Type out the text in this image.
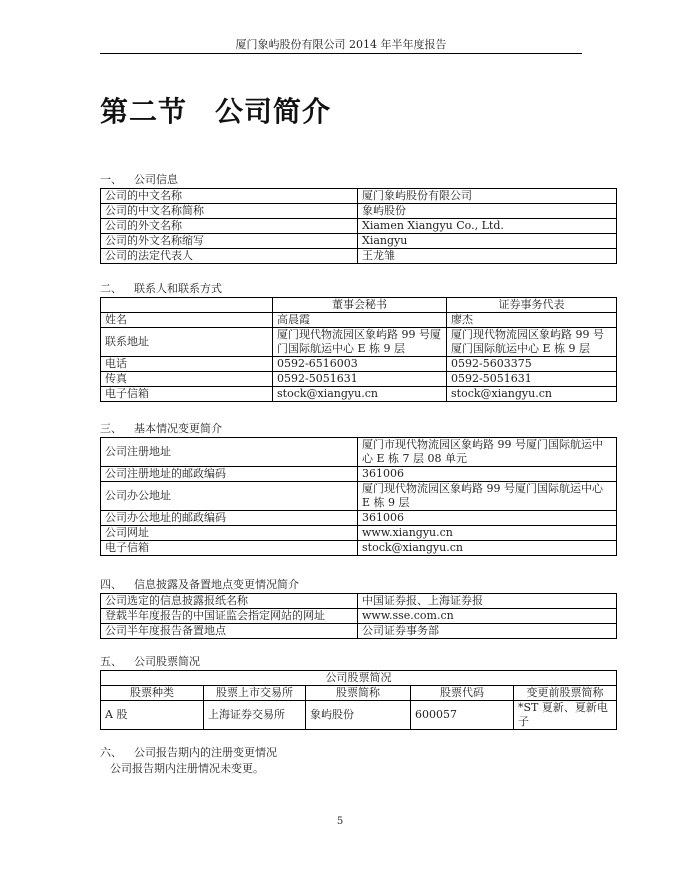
厦门象屿股份有限公司 2014 年半年度报告
第二节 公司简介
一、 公司信息
公司的中文名称	厦门象屿股份有限公司
公司的中文名称简称	象屿股份
公司的外文名称	Xiamen Xiangyu Co., Ltd.
公司的外文名称缩写	Xiangyu
公司的法定代表人	王龙雏
二、 联系人和联系方式
	董事会秘书	证券事务代表
姓名	高晨霞	廖杰
联系地址	厦门现代物流园区象屿路 99 号厦门国际航运中心 E 栋 9 层	厦门现代物流园区象屿路 99 号厦门国际航运中心 E 栋 9 层
电话	0592-6516003	0592-5603375
传真	0592-5051631	0592-5051631
电子信箱	stock@xiangyu.cn	stock@xiangyu.cn
三、 基本情况变更简介
公司注册地址	厦门市现代物流园区象屿路 99 号厦门国际航运中心 E 栋 7 层 08 单元
公司注册地址的邮政编码	361006
公司办公地址	厦门现代物流园区象屿路 99 号厦门国际航运中心 E 栋 9 层
公司办公地址的邮政编码	361006
公司网址	www.xiangyu.cn
电子信箱	stock@xiangyu.cn
四、 信息披露及备置地点变更情况简介
公司选定的信息披露报纸名称	中国证券报、上海证券报
登载半年度报告的中国证监会指定网站的网址	www.sse.com.cn
公司半年度报告备置地点	公司证券事务部
五、 公司股票简况
公司股票简况				
股票种类	股票上市交易所	股票简称	股票代码	变更前股票简称
A 股	上海证券交易所	象屿股份	600057	*ST 夏新、夏新电子
六、 公司报告期内的注册变更情况
公司报告期内注册情况未变更。
5
